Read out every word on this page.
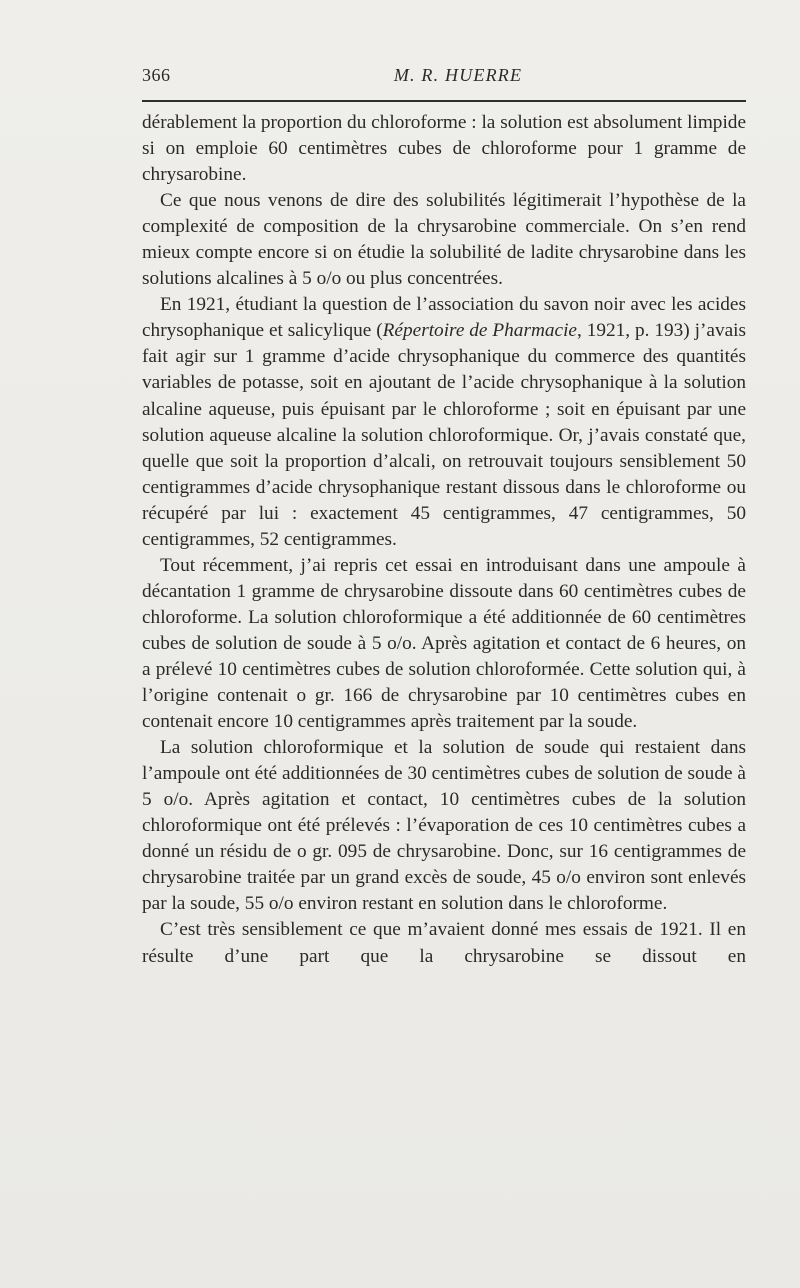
366	M. R. HUERRE

dérablement la proportion du chloroforme : la solution est absolument limpide si on emploie 60 centimètres cubes de chloroforme pour 1 gramme de chrysarobine.

Ce que nous venons de dire des solubilités légitimerait l’hypothèse de la complexité de composition de la chrysarobine commerciale. On s’en rend mieux compte encore si on étudie la solubilité de ladite chrysarobine dans les solutions alcalines à 5 o/o ou plus concentrées.

En 1921, étudiant la question de l’association du savon noir avec les acides chrysophanique et salicylique (Répertoire de Pharmacie, 1921, p. 193) j’avais fait agir sur 1 gramme d’acide chrysophanique du commerce des quantités variables de potasse, soit en ajoutant de l’acide chrysophanique à la solution alcaline aqueuse, puis épuisant par le chloroforme ; soit en épuisant par une solution aqueuse alcaline la solution chloroformique. Or, j’avais constaté que, quelle que soit la proportion d’alcali, on retrouvait toujours sensiblement 50 centigrammes d’acide chrysophanique restant dissous dans le chloroforme ou récupéré par lui : exactement 45 centigrammes, 47 centigrammes, 50 centigrammes, 52 centigrammes.

Tout récemment, j’ai repris cet essai en introduisant dans une ampoule à décantation 1 gramme de chrysarobine dissoute dans 60 centimètres cubes de chloroforme. La solution chloroformique a été additionnée de 60 centimètres cubes de solution de soude à 5 o/o. Après agitation et contact de 6 heures, on a prélevé 10 centimètres cubes de solution chloroformée. Cette solution qui, à l’origine contenait o gr. 166 de chrysarobine par 10 centimètres cubes en contenait encore 10 centigrammes après traitement par la soude.

La solution chloroformique et la solution de soude qui restaient dans l’ampoule ont été additionnées de 30 centimètres cubes de solution de soude à 5 o/o. Après agitation et contact, 10 centimètres cubes de la solution chloroformique ont été prélevés : l’évaporation de ces 10 centimètres cubes a donné un résidu de o gr. 095 de chrysarobine. Donc, sur 16 centigrammes de chrysarobine traitée par un grand excès de soude, 45 o/o environ sont enlevés par la soude, 55 o/o environ restant en solution dans le chloroforme.

C’est très sensiblement ce que m’avaient donné mes essais de 1921. Il en résulte d’une part que la chrysarobine se dissout en
